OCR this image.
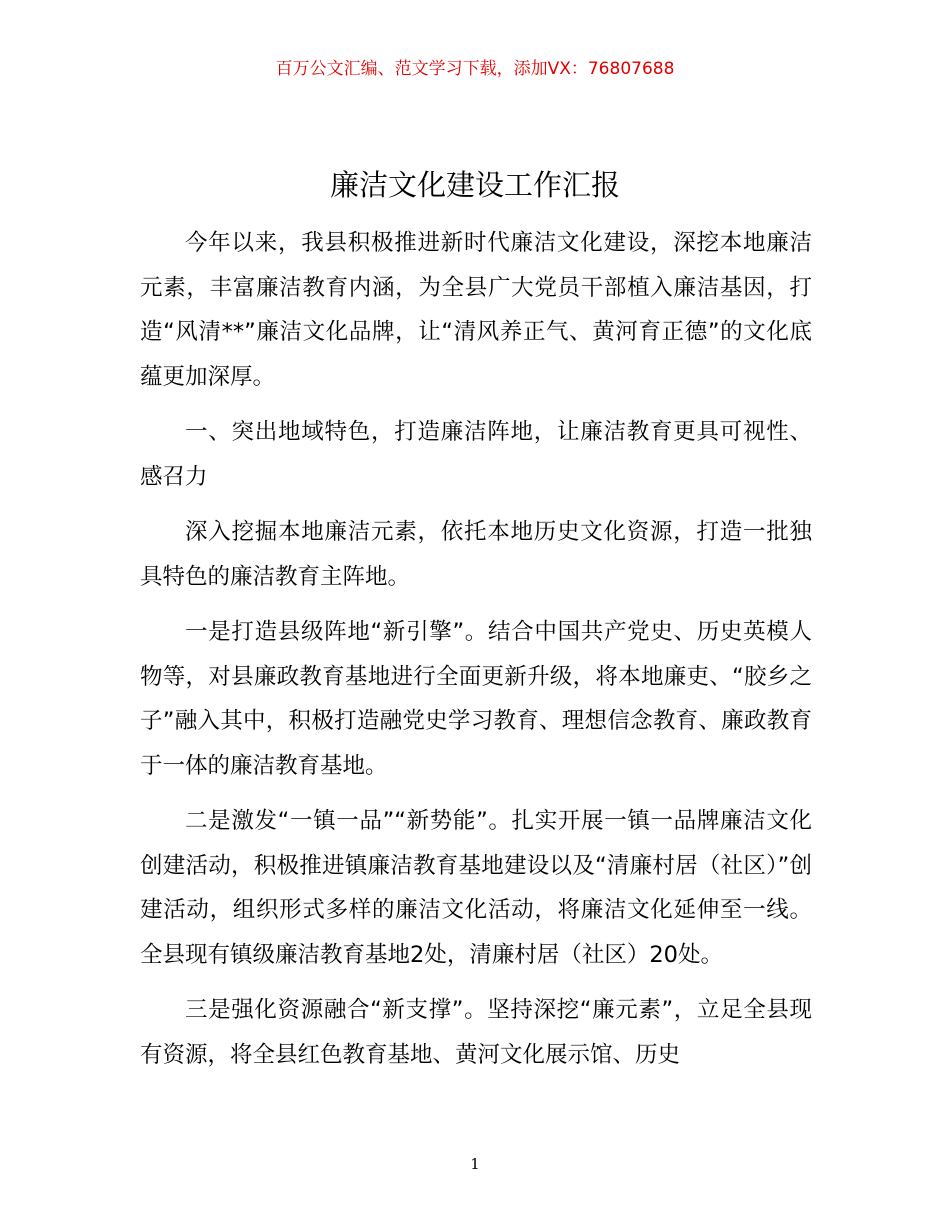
百万公文汇编、范文学习下载，添加VX：76807688
廉洁文化建设工作汇报

今年以来，我县积极推进新时代廉洁文化建设，深挖本地廉洁元素，丰富廉洁教育内涵，为全县广大党员干部植入廉洁基因，打造“风清**”廉洁文化品牌，让“清风养正气、黄河育正德”的文化底蕴更加深厚。

一、突出地域特色，打造廉洁阵地，让廉洁教育更具可视性、感召力

深入挖掘本地廉洁元素，依托本地历史文化资源，打造一批独具特色的廉洁教育主阵地。

一是打造县级阵地“新引擎”。结合中国共产党史、历史英模人物等，对县廉政教育基地进行全面更新升级，将本地廉吏、“胶乡之子”融入其中，积极打造融党史学习教育、理想信念教育、廉政教育于一体的廉洁教育基地。

二是激发“一镇一品”“新势能”。扎实开展一镇一品牌廉洁文化创建活动，积极推进镇廉洁教育基地建设以及“清廉村居（社区）”创建活动，组织形式多样的廉洁文化活动，将廉洁文化延伸至一线。全县现有镇级廉洁教育基地2处，清廉村居（社区）20处。

三是强化资源融合“新支撑”。坚持深挖“廉元素”，立足全县现有资源，将全县红色教育基地、黄河文化展示馆、历史

1
